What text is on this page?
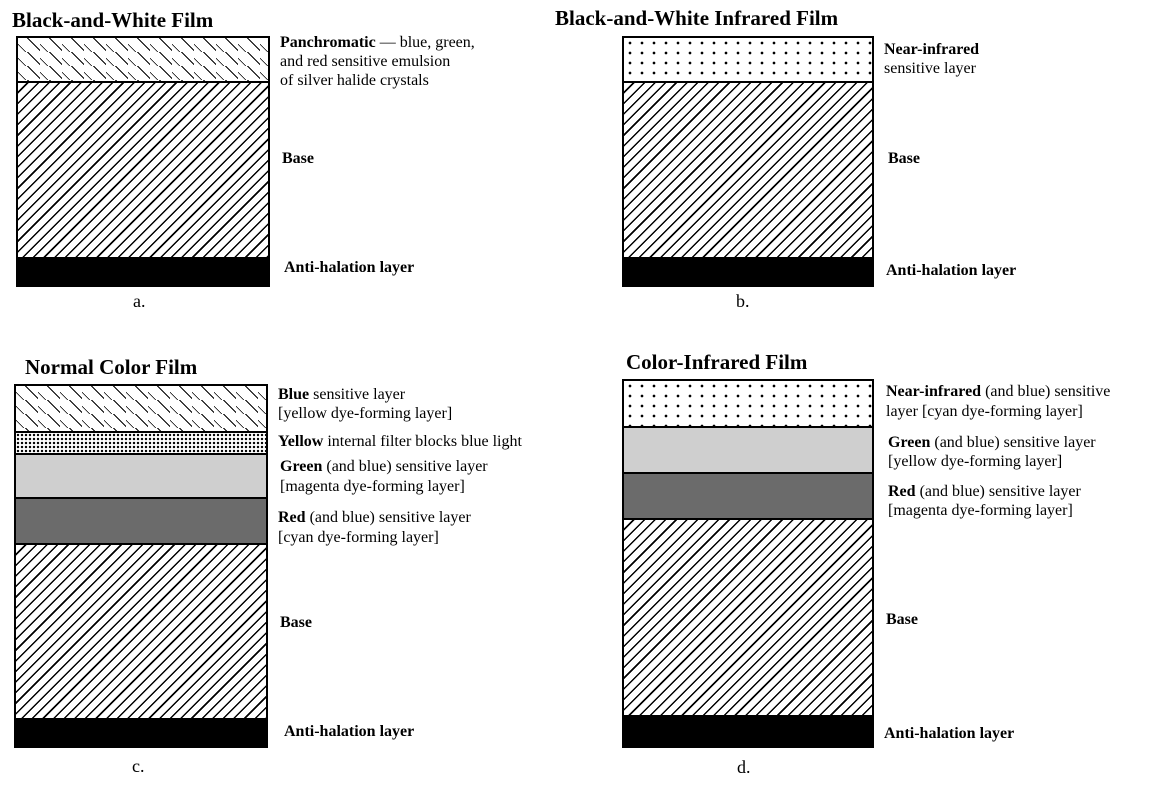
Black-and-White Film
Panchromatic — blue, green,
and red sensitive emulsion
of silver halide crystals
Base
Anti-halation layer
a.
Black-and-White Infrared Film
Near-infrared
sensitive layer
Base
Anti-halation layer
b.
Normal Color Film
Blue sensitive layer
[yellow dye-forming layer]
Yellow internal filter blocks blue light
Green (and blue) sensitive layer
[magenta dye-forming layer]
Red (and blue) sensitive layer
[cyan dye-forming layer]
Base
Anti-halation layer
c.
Color-Infrared Film
Near-infrared (and blue) sensitive
layer [cyan dye-forming layer]
Green (and blue) sensitive layer
[yellow dye-forming layer]
Red (and blue) sensitive layer
[magenta dye-forming layer]
Base
Anti-halation layer
d.
